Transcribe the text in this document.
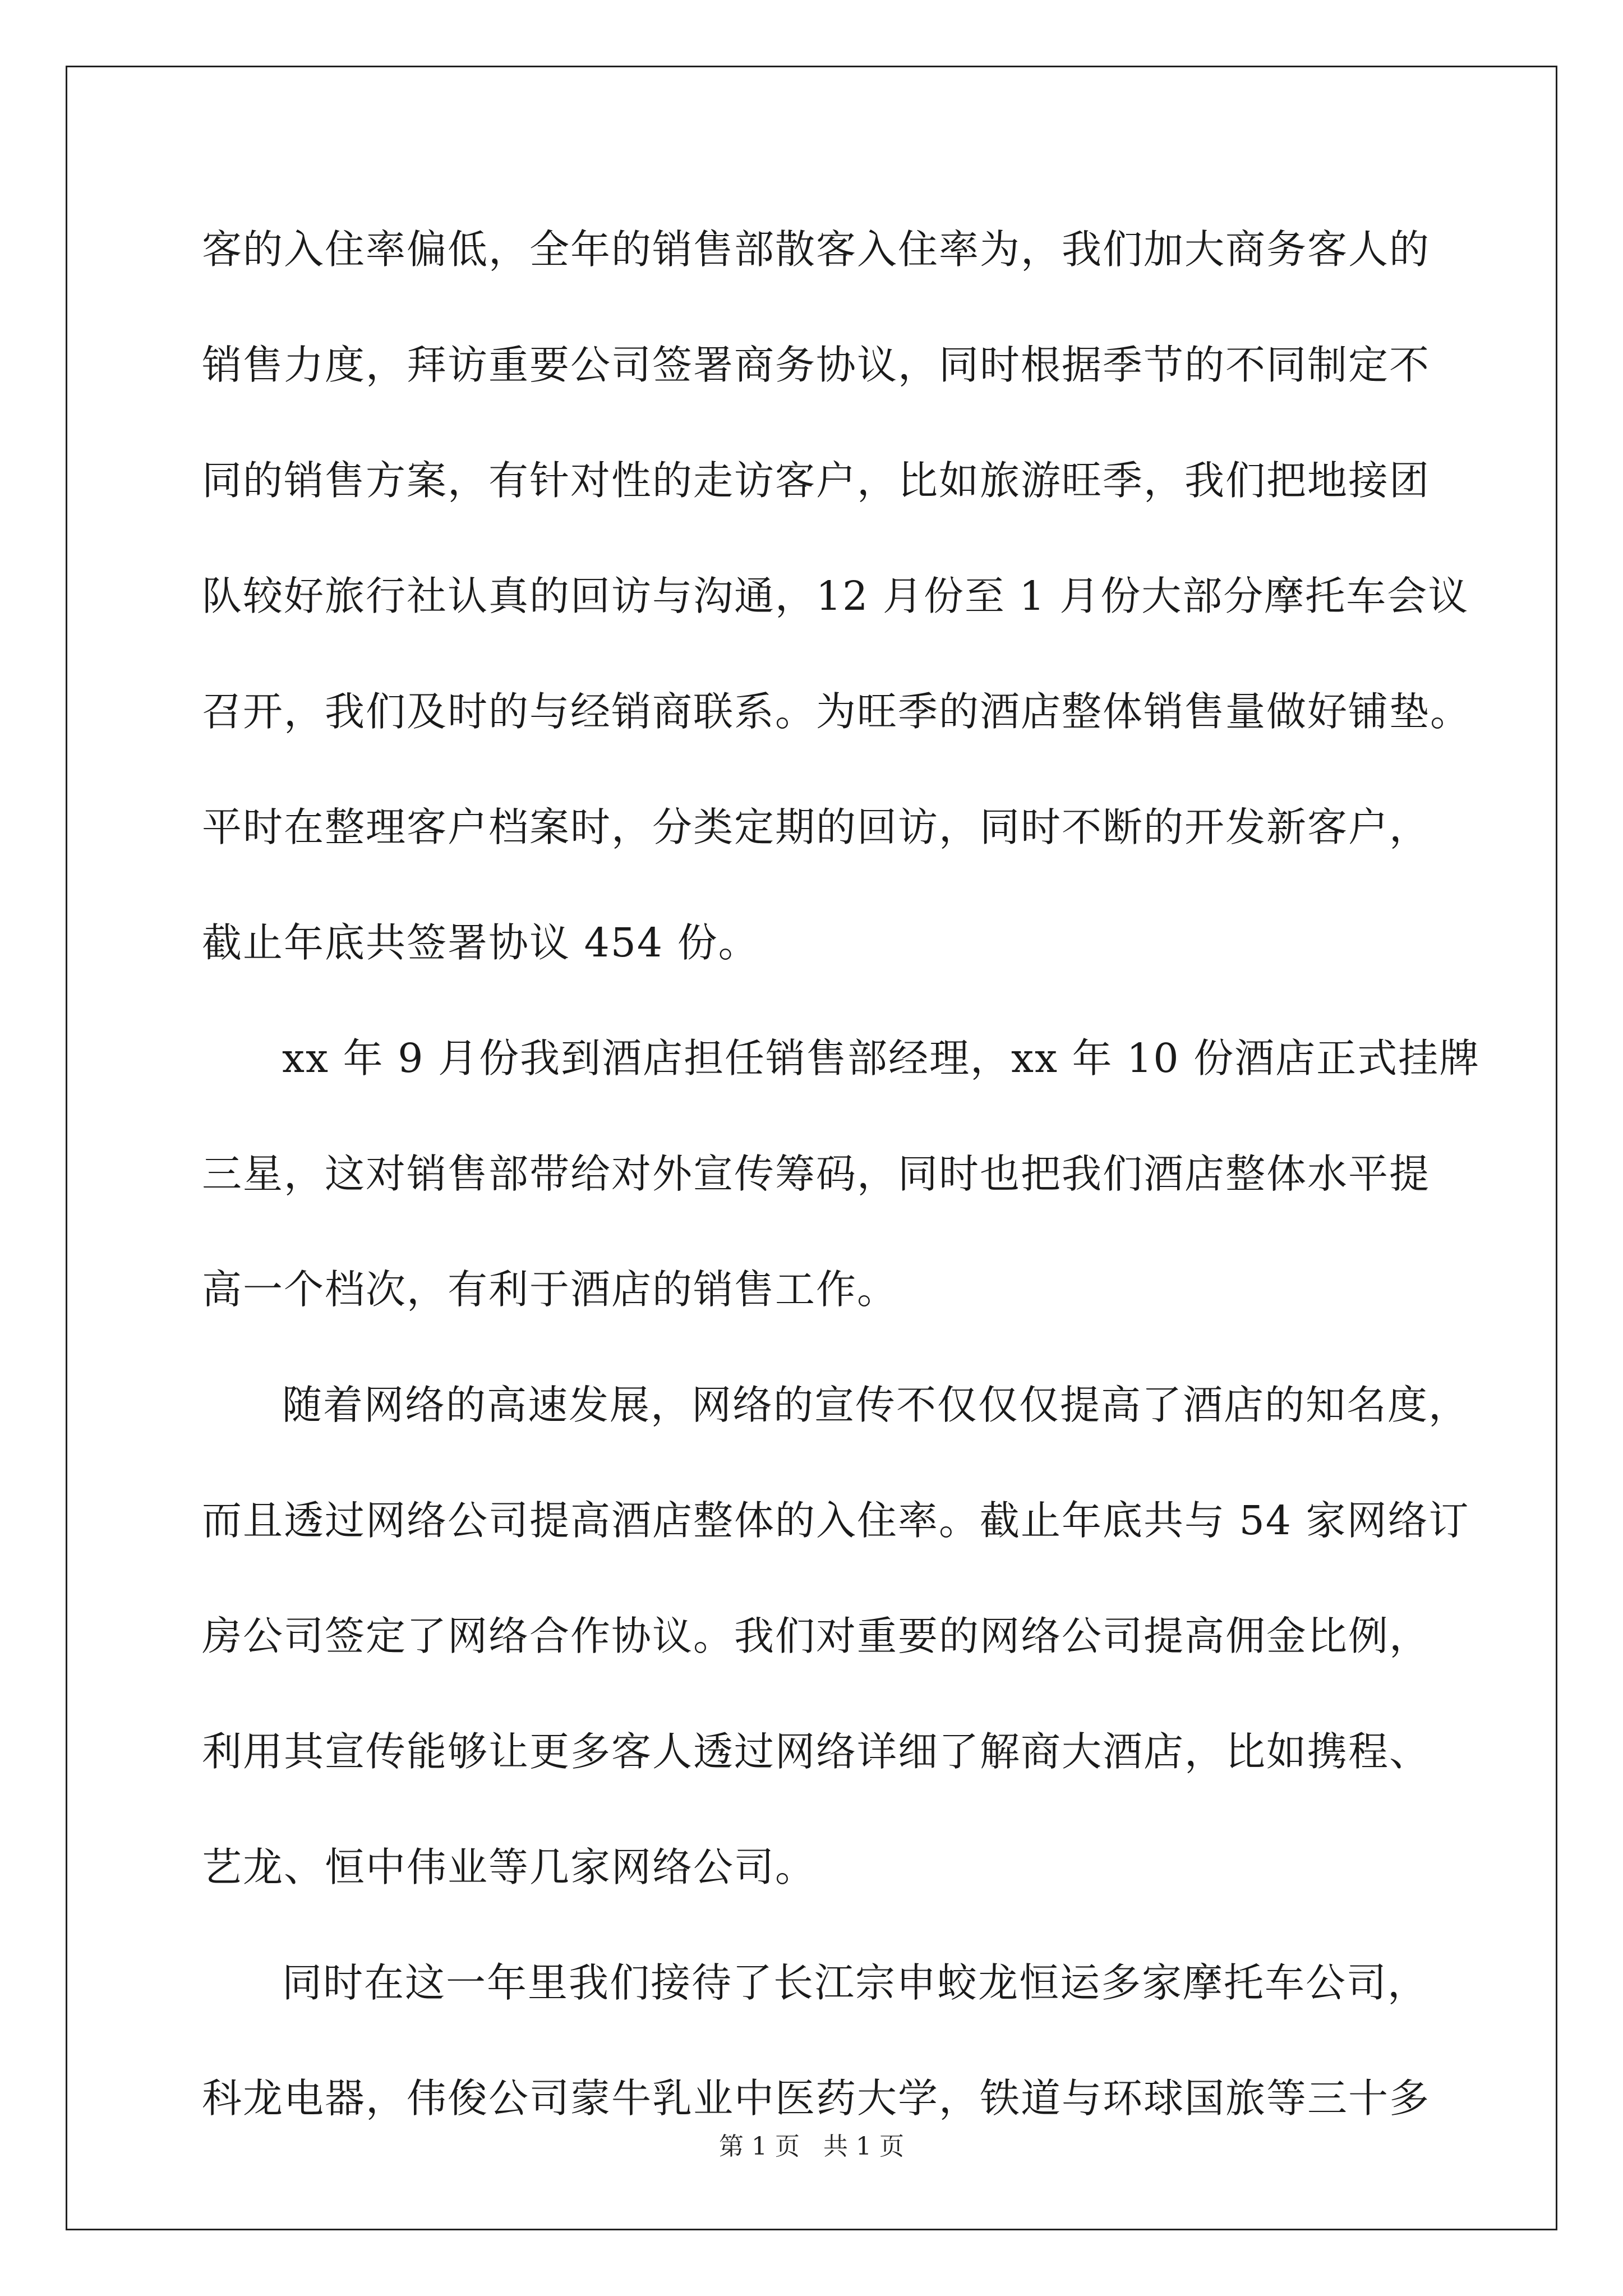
客的入住率偏低，全年的销售部散客入住率为，我们加大商务客人的
销售力度，拜访重要公司签署商务协议，同时根据季节的不同制定不
同的销售方案，有针对性的走访客户，比如旅游旺季，我们把地接团
队较好旅行社认真的回访与沟通，12 月份至 1 月份大部分摩托车会议
召开，我们及时的与经销商联系。为旺季的酒店整体销售量做好铺垫。
平时在整理客户档案时，分类定期的回访，同时不断的开发新客户，
截止年底共签署协议 454 份。
xx 年 9 月份我到酒店担任销售部经理，xx 年 10 份酒店正式挂牌
三星，这对销售部带给对外宣传筹码，同时也把我们酒店整体水平提
高一个档次，有利于酒店的销售工作。
随着网络的高速发展，网络的宣传不仅仅仅提高了酒店的知名度，
而且透过网络公司提高酒店整体的入住率。截止年底共与 54 家网络订
房公司签定了网络合作协议。我们对重要的网络公司提高佣金比例，
利用其宣传能够让更多客人透过网络详细了解商大酒店，比如携程、
艺龙、恒中伟业等几家网络公司。
同时在这一年里我们接待了长江宗申蛟龙恒运多家摩托车公司，
科龙电器，伟俊公司蒙牛乳业中医药大学，铁道与环球国旅等三十多
第 1 页   共 1 页
